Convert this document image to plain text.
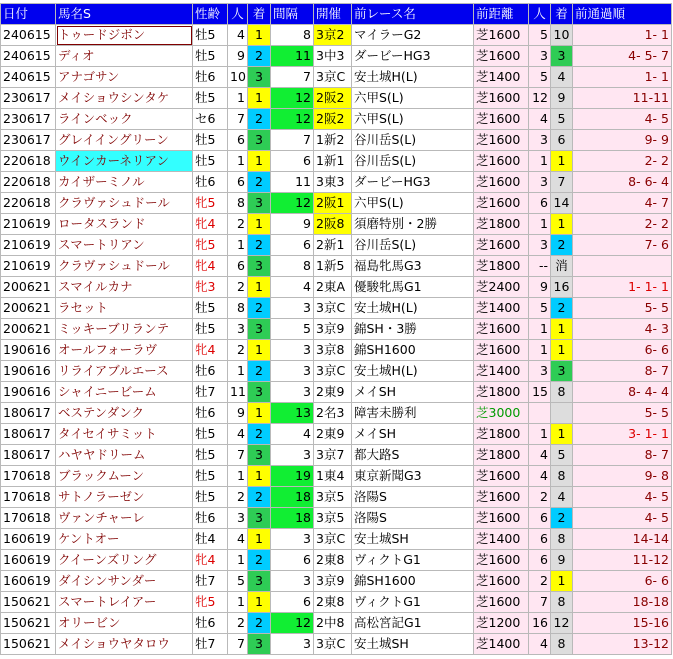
日付	馬名S	性齢	人	着	間隔	開催	前レース名	前距離	人	着	前通過順
240615	トゥードジボン	牡5	4	1	8	3京2	マイラーG2	芝1600	5	10	1- 1
240615	ディオ	牡5	9	2	11	3中3	ダービーHG3	芝1600	3	3	4- 5- 7
240615	アナゴサン	牡6	10	3	7	3京C	安土城H(L)	芝1400	5	4	1- 1
230617	メイショウシンタケ	牡5	1	1	12	2阪2	六甲S(L)	芝1600	12	9	11-11
230617	ラインベック	セ6	7	2	12	2阪2	六甲S(L)	芝1600	4	5	4- 5
230617	グレイイングリーン	牡5	6	3	7	1新2	谷川岳S(L)	芝1600	3	6	9- 9
220618	ウインカーネリアン	牡5	1	1	6	1新1	谷川岳S(L)	芝1600	1	1	2- 2
220618	カイザーミノル	牡6	6	2	11	3東3	ダービーHG3	芝1600	3	7	8- 6- 4
220618	クラヴァシュドール	牝5	8	3	12	2阪1	六甲S(L)	芝1600	6	14	4- 7
210619	ロータスランド	牝4	2	1	9	2阪8	須磨特別・2勝	芝1800	1	1	2- 2
210619	スマートリアン	牝5	1	2	6	2新1	谷川岳S(L)	芝1600	3	2	7- 6
210619	クラヴァシュドール	牝4	6	3	8	1新5	福島牝馬G3	芝1800	--	消	
200621	スマイルカナ	牝3	2	1	4	2東A	優駿牝馬G1	芝2400	9	16	1- 1- 1
200621	ラセット	牡5	8	2	3	3京C	安土城H(L)	芝1400	5	2	5- 5
200621	ミッキーブリランテ	牡5	3	3	5	3京9	錦SH・3勝	芝1600	1	1	4- 3
190616	オールフォーラヴ	牝4	2	1	3	3京8	錦SH1600	芝1600	1	1	6- 6
190616	リライアブルエース	牡6	1	2	3	3京C	安土城H(L)	芝1400	3	3	8- 7
190616	シャイニービーム	牡7	11	3	3	2東9	メイSH	芝1800	15	8	8- 4- 4
180617	ベステンダンク	牡6	9	1	13	2名3	障害未勝利	芝3000			5- 5
180617	タイセイサミット	牡5	4	2	4	2東9	メイSH	芝1800	1	1	3- 1- 1
180617	ハヤヤドリーム	牡5	7	3	3	3京7	都大路S	芝1800	4	5	8- 7
170618	ブラックムーン	牡5	1	1	19	1東4	東京新聞G3	芝1600	4	8	9- 8
170618	サトノラーゼン	牡5	2	2	18	3京5	洛陽S	芝1600	2	4	4- 5
170618	ヴァンチャーレ	牡6	3	3	18	3京5	洛陽S	芝1600	6	2	4- 5
160619	ケントオー	牡4	4	1	3	3京C	安土城SH	芝1400	6	8	14-14
160619	クイーンズリング	牝4	1	2	6	2東8	ヴィクトG1	芝1600	6	9	11-12
160619	ダイシンサンダー	牡7	5	3	3	3京9	錦SH1600	芝1600	2	1	6- 6
150621	スマートレイアー	牝5	1	1	6	2東8	ヴィクトG1	芝1600	7	8	18-18
150621	オリービン	牡6	2	2	12	2中8	高松宮記G1	芝1200	16	12	15-16
150621	メイショウヤタロウ	牡7	7	3	3	3京C	安土城SH	芝1400	4	8	13-12
